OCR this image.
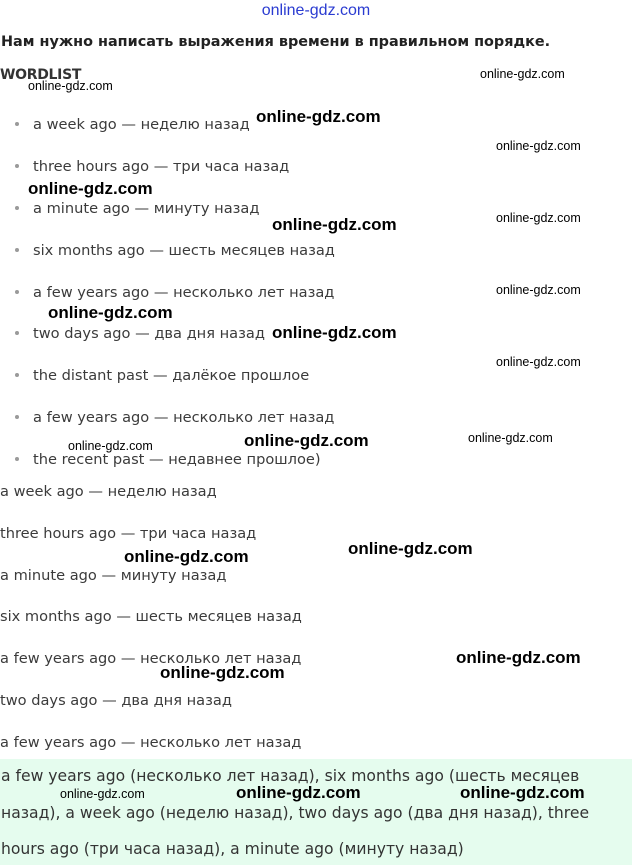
online-gdz.com
Нам нужно написать выражения времени в правильном порядке.
WORDLIST
a week ago — неделю назад
three hours ago — три часа назад
a minute ago — минуту назад
six months ago — шесть месяцев назад
a few years ago — несколько лет назад
two days ago — два дня назад
the distant past — далёкое прошлое
a few years ago — несколько лет назад
the recent past — недавнее прошлое)
a week ago — неделю назад
three hours ago — три часа назад
a minute ago — минуту назад
six months ago — шесть месяцев назад
a few years ago — несколько лет назад
two days ago — два дня назад
a few years ago — несколько лет назад
a few years ago (несколько лет назад), six months ago (шесть месяцев
назад), a week ago (неделю назад), two days ago (два дня назад), three
hours ago (три часа назад), a minute ago (минуту назад)
online-gdz.com
online-gdz.com
online-gdz.com
online-gdz.com
online-gdz.com
online-gdz.com	online-gdz.com
online-gdz.com
online-gdz.com
online-gdz.com
online-gdz.com
online-gdz.com	online-gdz.com	online-gdz.com
online-gdz.com	online-gdz.com
online-gdz.com
online-gdz.com
online-gdz.com	online-gdz.com
online-gdz.com
